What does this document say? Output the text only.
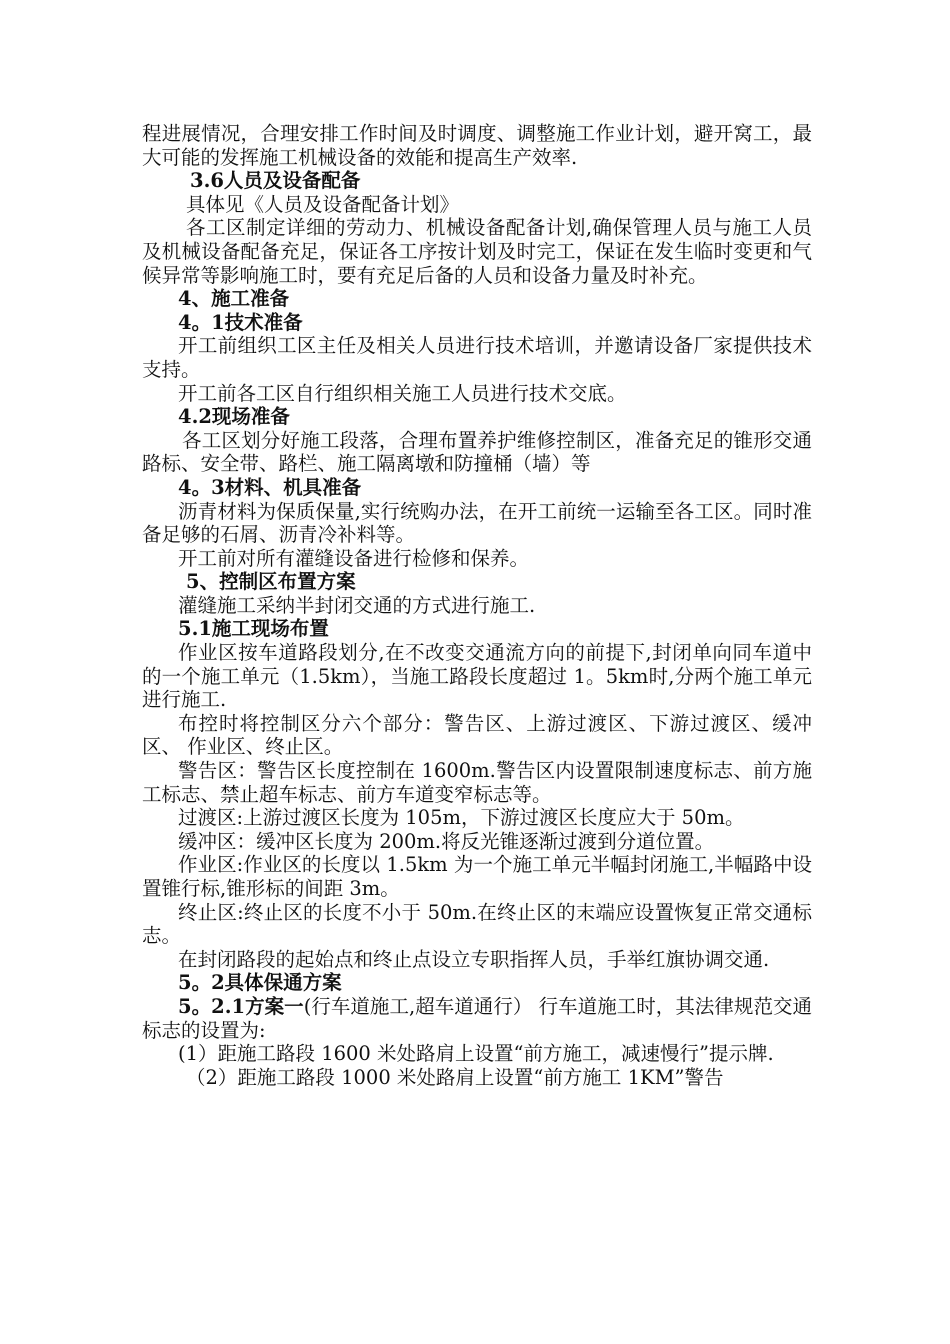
程进展情况，合理安排工作时间及时调度、调整施工作业计划，避开窝工，最大可能的发挥施工机械设备的效能和提高生产效率.

3.6人员及设备配备

具体见《人员及设备配备计划》

各工区制定详细的劳动力、机械设备配备计划,确保管理人员与施工人员及机械设备配备充足，保证各工序按计划及时完工，保证在发生临时变更和气候异常等影响施工时，要有充足后备的人员和设备力量及时补充。

4、施工准备

4。1技术准备

开工前组织工区主任及相关人员进行技术培训，并邀请设备厂家提供技术支持。

开工前各工区自行组织相关施工人员进行技术交底。

4.2现场准备

各工区划分好施工段落，合理布置养护维修控制区，准备充足的锥形交通路标、安全带、路栏、施工隔离墩和防撞桶（墙）等

4。3材料、机具准备

沥青材料为保质保量,实行统购办法，在开工前统一运输至各工区。同时准备足够的石屑、沥青冷补料等。

开工前对所有灌缝设备进行检修和保养。

5、控制区布置方案

灌缝施工采纳半封闭交通的方式进行施工.

5.1施工现场布置

作业区按车道路段划分,在不改变交通流方向的前提下,封闭单向同车道中的一个施工单元（1.5km），当施工路段长度超过 1。5km时,分两个施工单元进行施工.

布控时将控制区分六个部分：警告区、上游过渡区、下游过渡区、缓冲区、 作业区、终止区。

警告区：警告区长度控制在 1600m.警告区内设置限制速度标志、前方施工标志、禁止超车标志、前方车道变窄标志等。

过渡区:上游过渡区长度为 105m，下游过渡区长度应大于 50m。

缓冲区：缓冲区长度为 200m.将反光锥逐渐过渡到分道位置。

作业区:作业区的长度以 1.5km 为一个施工单元半幅封闭施工,半幅路中设置锥行标,锥形标的间距 3m。

终止区:终止区的长度不小于 50m.在终止区的末端应设置恢复正常交通标志。

在封闭路段的起始点和终止点设立专职指挥人员，手举红旗协调交通.

5。2具体保通方案

5。2.1方案一(行车道施工,超车道通行） 行车道施工时，其法律规范交通标志的设置为:

(1）距施工路段 1600 米处路肩上设置“前方施工，减速慢行”提示牌.

（2）距施工路段 1000 米处路肩上设置“前方施工 1KM”警告
